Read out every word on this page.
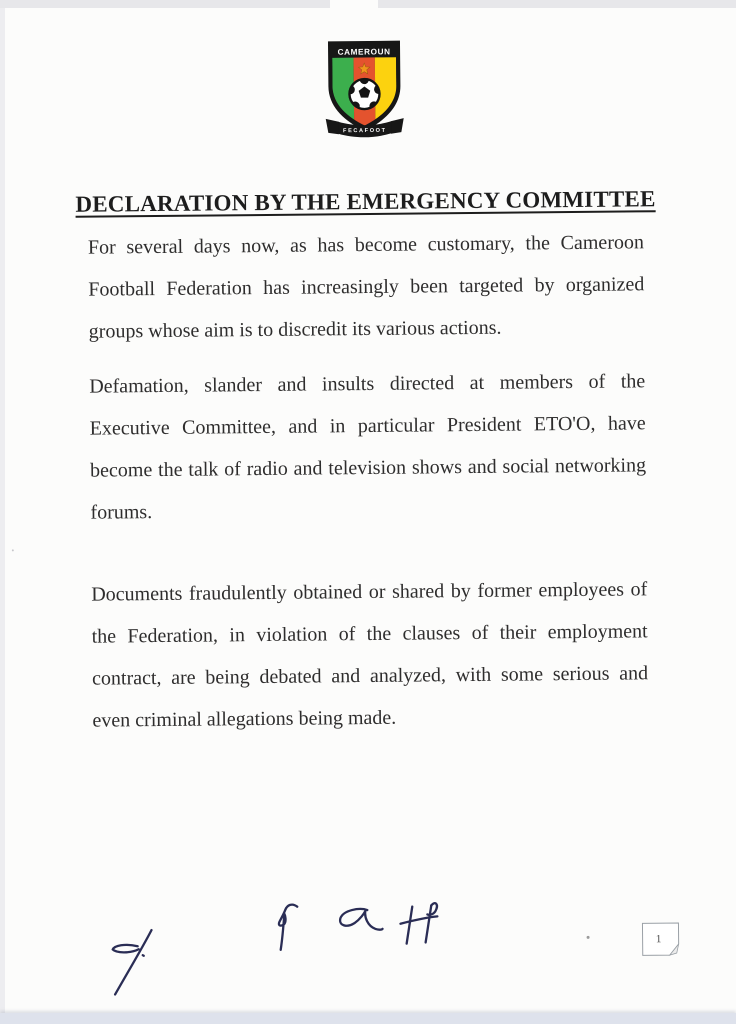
CAMEROUN
FECAFOOT
DECLARATION BY THE EMERGENCY COMMITTEE

For several days now, as has become customary, the Cameroon Football Federation has increasingly been targeted by organized groups whose aim is to discredit its various actions.

Defamation, slander and insults directed at members of the Executive Committee, and in particular President ETO'O, have become the talk of radio and television shows and social networking forums.

Documents fraudulently obtained or shared by former employees of the Federation, in violation of the clauses of their employment contract, are being debated and analyzed, with some serious and even criminal allegations being made.

1
